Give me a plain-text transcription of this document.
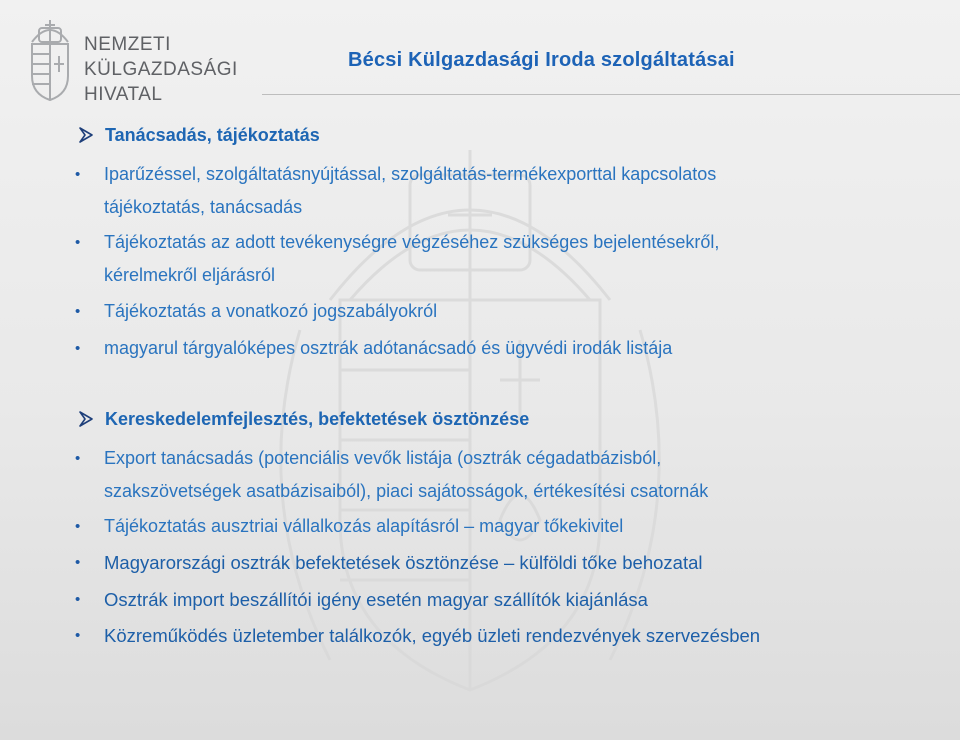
NEMZETI
KÜLGAZDASÁGI
HIVATAL
Bécsi Külgazdasági Iroda szolgáltatásai
Tanácsadás, tájékoztatás
• Iparűzéssel, szolgáltatásnyújtással, szolgáltatás-termékexporttal kapcsolatos
tájékoztatás, tanácsadás
• Tájékoztatás az adott tevékenységre végzéséhez szükséges bejelentésekről,
kérelmekről eljárásról
• Tájékoztatás a vonatkozó jogszabályokról
• magyarul tárgyalóképes osztrák adótanácsadó és ügyvédi irodák listája
Kereskedelemfejlesztés, befektetések ösztönzése
• Export tanácsadás (potenciális vevők listája (osztrák cégadatbázisból,
szakszövetségek asatbázisaiból), piaci sajátosságok, értékesítési csatornák
• Tájékoztatás ausztriai vállalkozás alapításról – magyar tőkekivitel
• Magyarországi osztrák befektetések ösztönzése – külföldi tőke behozatal
• Osztrák import beszállítói igény esetén magyar szállítók kiajánlása
• Közreműködés üzletember találkozók, egyéb üzleti rendezvények szervezésben
